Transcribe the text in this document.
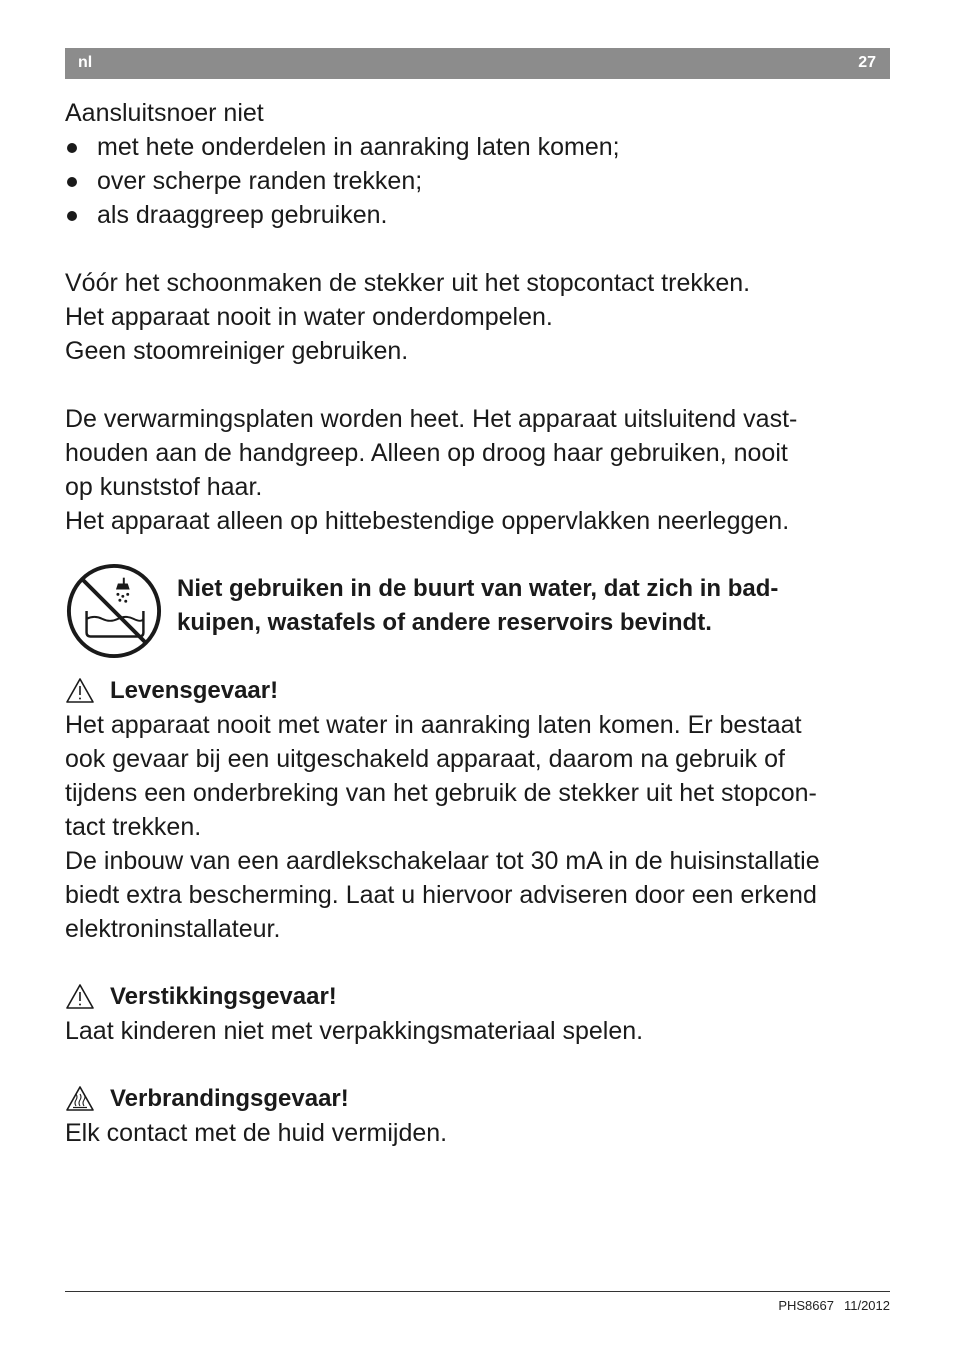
nl	27

Aansluitsnoer niet

met hete onderdelen in aanraking laten komen;
over scherpe randen trekken;
als draaggreep gebruiken.

Vóór het schoonmaken de stekker uit het stopcontact trekken.

Het apparaat nooit in water onderdompelen.

Geen stoomreiniger gebruiken.

De verwarmingsplaten worden heet. Het apparaat uitsluitend vast-

houden aan de handgreep. Alleen op droog haar gebruiken, nooit

op kunststof haar.

Het apparaat alleen op hittebestendige oppervlakken neerleggen.

Niet gebruiken in de buurt van water, dat zich in bad-
kuipen, wastafels of andere reservoirs bevindt.
Levensgevaar!

Het apparaat nooit met water in aanraking laten komen. Er bestaat

ook gevaar bij een uitgeschakeld apparaat, daarom na gebruik of

tijdens een onderbreking van het gebruik de stekker uit het stopcon-

tact trekken.

De inbouw van een aardlekschakelaar tot 30 mA in de huisinstallatie

biedt extra bescherming. Laat u hiervoor adviseren door een erkend

elektroninstallateur.

Verstikkingsgevaar!

Laat kinderen niet met verpakkingsmateriaal spelen.

Verbrandingsgevaar!

Elk contact met de huid vermijden.

PHS8667 11/2012
